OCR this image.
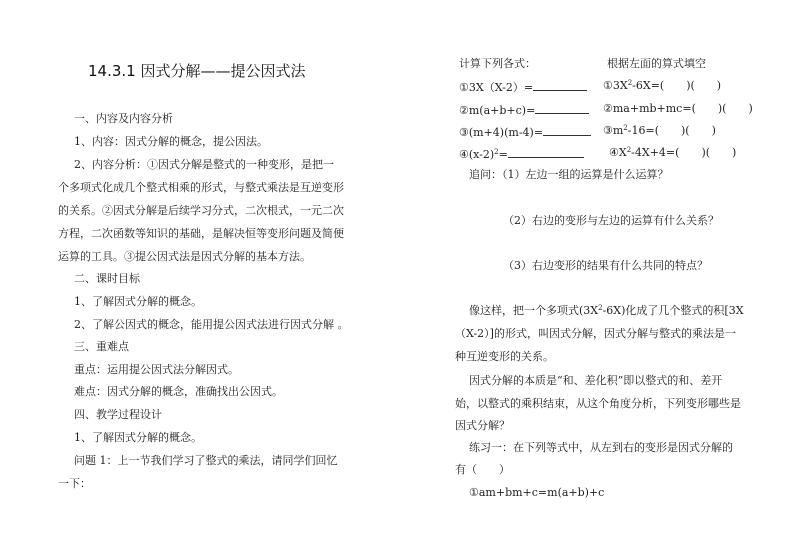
14.3.1 因式分解——提公因式法
一、内容及内容分析
1、内容：因式分解的概念，提公因法。
2、内容分析：①因式分解是整式的一种变形，是把一
个多项式化成几个整式相乘的形式，与整式乘法是互逆变形
的关系。②因式分解是后续学习分式，二次根式，一元二次
方程，二次函数等知识的基础，是解决恒等变形问题及简便
运算的工具。③提公因式法是因式分解的基本方法。
二、课时目标
1、了解因式分解的概念。
2、了解公因式的概念，能用提公因式法进行因式分解 。
三、重难点
重点：运用提公因式法分解因式。
难点：因式分解的概念，准确找出公因式。
四、教学过程设计
1、了解因式分解的概念。
问题 1：上一节我们学习了整式的乘法，请同学们回忆
一下：
计算下列各式：	根据左面的算式填空
①3X（X-2）=	$①3X^2-6X=$(　　)(　　)
②m(a+b+c)=	②ma+mb+mc=(　　)(　　)
③(m+4)(m-4)=	$③m^2-16=$(　　)(　　)
$④(x-2)^2=$	$④X^2-4X+4=$(　　)(　　)
追问：（1）左边一组的运算是什么运算？
（2）右边的变形与左边的运算有什么关系？
（3）右边变形的结果有什么共同的特点？
像这样，把一个多项式$(3X^2-6X)$化成了几个整式的积[3X
（X-2）]的形式，叫因式分解，因式分解与整式的乘法是一
种互逆变形的关系。
因式分解的本质是“和、差化积”即以整式的和、差开
始，以整式的乘积结束，从这个角度分析，下列变形哪些是
因式分解？
练习一：在下列等式中，从左到右的变形是因式分解的
有（　　）
①am+bm+c=m(a+b)+c
